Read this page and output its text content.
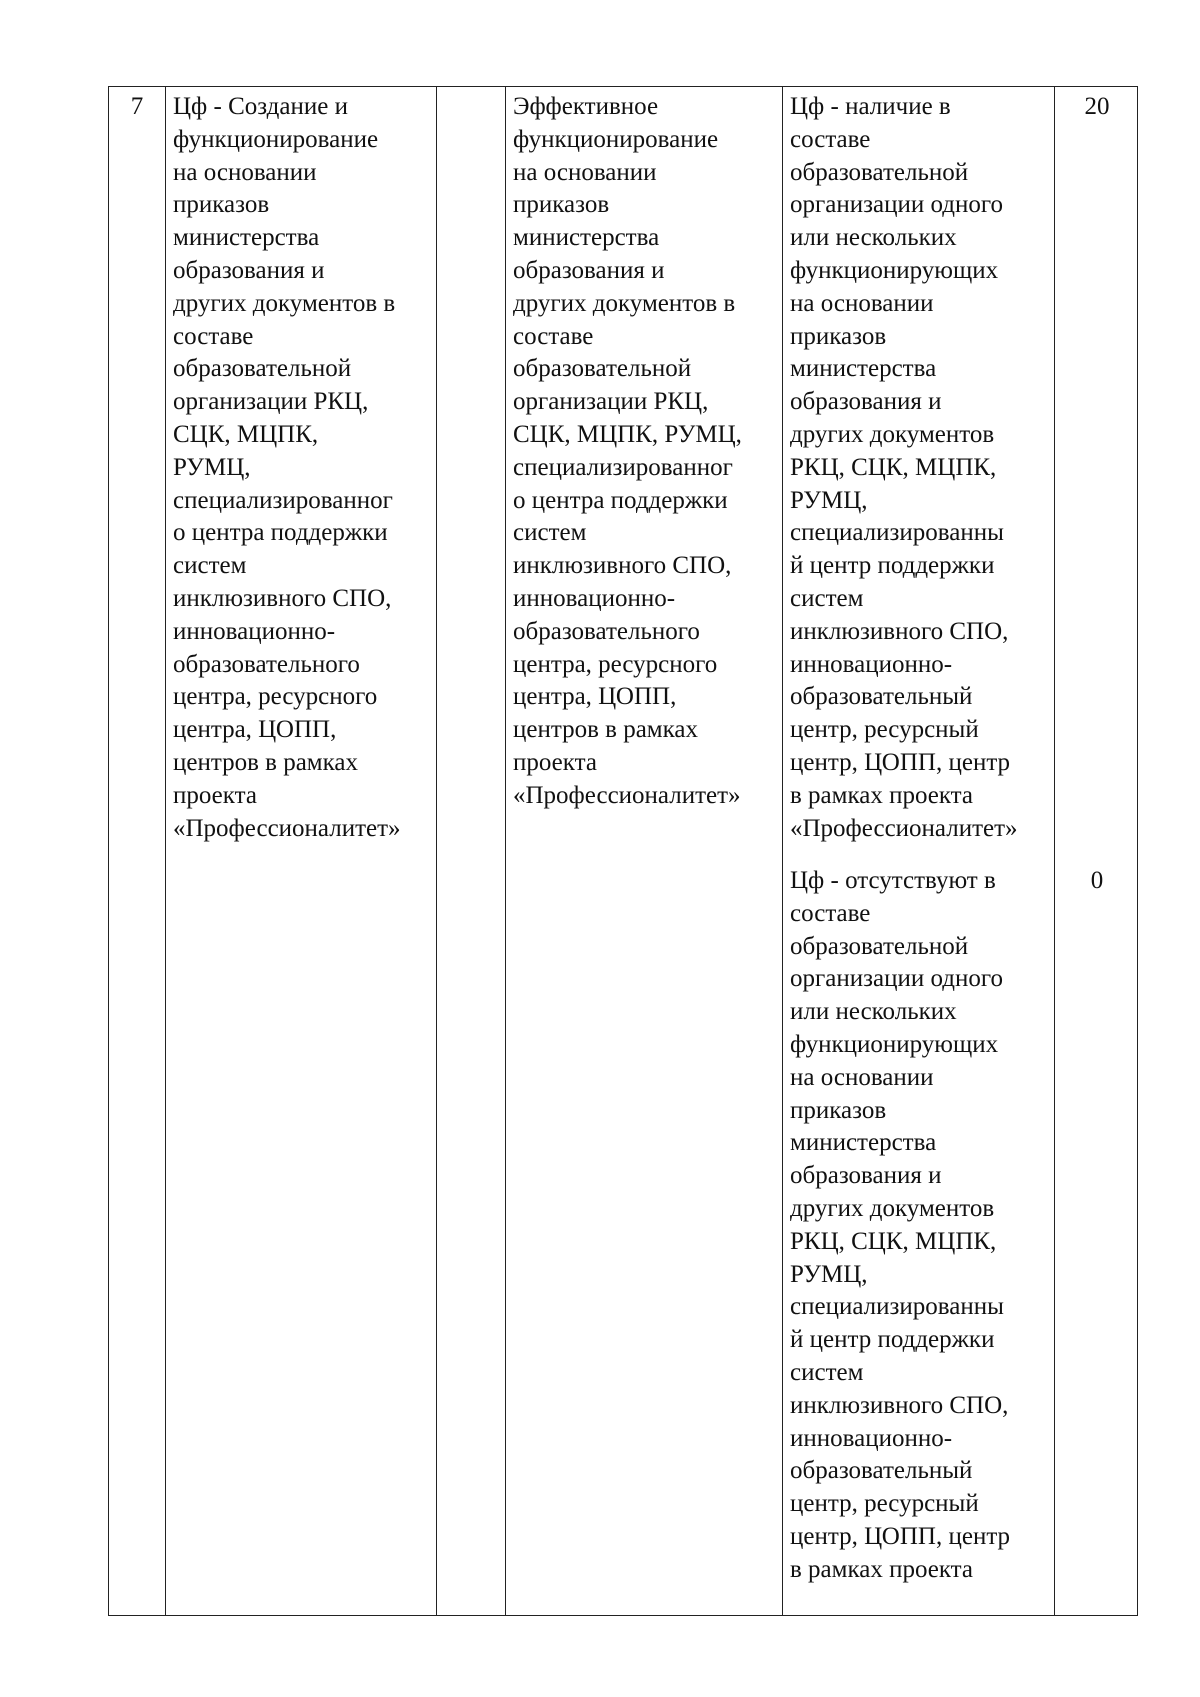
7	Цф - Создание и
функционирование
на основании
приказов
министерства
образования и
других документов в
составе
образовательной
организации РКЦ,
СЦК, МЦПК,
РУМЦ,
специализированног
о центра поддержки
систем
инклюзивного СПО,
инновационно-
образовательного
центра, ресурсного
центра, ЦОПП,
центров в рамках
проекта
«Профессионалитет»

Эффективное
функционирование
на основании
приказов
министерства
образования и
других документов в
составе
образовательной
организации РКЦ,
СЦК, МЦПК, РУМЦ,
специализированног
о центра поддержки
систем
инклюзивного СПО,
инновационно-
образовательного
центра, ресурсного
центра, ЦОПП,
центров в рамках
проекта
«Профессионалитет»

Цф - наличие в
составе
образовательной
организации одного
или нескольких
функционирующих
на основании
приказов
министерства
образования и
других документов
РКЦ, СЦК, МЦПК,
РУМЦ,
специализированны
й центр поддержки
систем
инклюзивного СПО,
инновационно-
образовательный
центр, ресурсный
центр, ЦОПП, центр
в рамках проекта
«Профессионалитет»

20

Цф - отсутствуют в
составе
образовательной
организации одного
или нескольких
функционирующих
на основании
приказов
министерства
образования и
других документов
РКЦ, СЦК, МЦПК,
РУМЦ,
специализированны
й центр поддержки
систем
инклюзивного СПО,
инновационно-
образовательный
центр, ресурсный
центр, ЦОПП, центр
в рамках проекта

0
